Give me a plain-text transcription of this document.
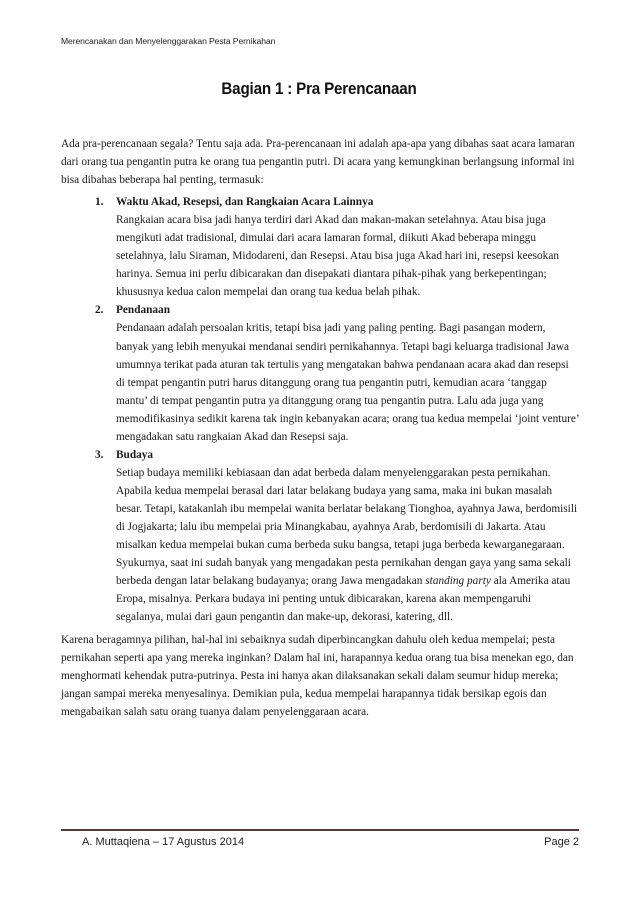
Merencanakan dan Menyelenggarakan Pesta Pernikahan
Bagian 1 : Pra Perencanaan

Ada pra-perencanaan segala? Tentu saja ada. Pra-perencanaan ini adalah apa-apa yang dibahas saat acara lamaran dari orang tua pengantin putra ke orang tua pengantin putri. Di acara yang kemungkinan berlangsung informal ini bisa dibahas beberapa hal penting, termasuk:

1. Waktu Akad, Resepsi, dan Rangkaian Acara Lainnya
Rangkaian acara bisa jadi hanya terdiri dari Akad dan makan-makan setelahnya. Atau bisa juga mengikuti adat tradisional, dimulai dari acara lamaran formal, diikuti Akad beberapa minggu setelahnya, lalu Siraman, Midodareni, dan Resepsi. Atau bisa juga Akad hari ini, resepsi keesokan harinya. Semua ini perlu dibicarakan dan disepakati diantara pihak-pihak yang berkepentingan; khususnya kedua calon mempelai dan orang tua kedua belah pihak.
2. Pendanaan
Pendanaan adalah persoalan kritis, tetapi bisa jadi yang paling penting. Bagi pasangan modern, banyak yang lebih menyukai mendanai sendiri pernikahannya. Tetapi bagi keluarga tradisional Jawa umumnya terikat pada aturan tak tertulis yang mengatakan bahwa pendanaan acara akad dan resepsi di tempat pengantin putri harus ditanggung orang tua pengantin putri, kemudian acara ‘tanggap mantu’ di tempat pengantin putra ya ditanggung orang tua pengantin putra. Lalu ada juga yang memodifikasinya sedikit karena tak ingin kebanyakan acara; orang tua kedua mempelai ‘joint venture’ mengadakan satu rangkaian Akad dan Resepsi saja.
3. Budaya
Setiap budaya memiliki kebiasaan dan adat berbeda dalam menyelenggarakan pesta pernikahan. Apabila kedua mempelai berasal dari latar belakang budaya yang sama, maka ini bukan masalah besar. Tetapi, katakanlah ibu mempelai wanita berlatar belakang Tionghoa, ayahnya Jawa, berdomisili di Jogjakarta; lalu ibu mempelai pria Minangkabau, ayahnya Arab, berdomisili di Jakarta. Atau misalkan kedua mempelai bukan cuma berbeda suku bangsa, tetapi juga berbeda kewarganegaraan. Syukurnya, saat ini sudah banyak yang mengadakan pesta pernikahan dengan gaya yang sama sekali berbeda dengan latar belakang budayanya; orang Jawa mengadakan standing party ala Amerika atau Eropa, misalnya. Perkara budaya ini penting untuk dibicarakan, karena akan mempengaruhi segalanya, mulai dari gaun pengantin dan make-up, dekorasi, katering, dll.

Karena beragamnya pilihan, hal-hal ini sebaiknya sudah diperbincangkan dahulu oleh kedua mempelai; pesta pernikahan seperti apa yang mereka inginkan? Dalam hal ini, harapannya kedua orang tua bisa menekan ego, dan menghormati kehendak putra-putrinya. Pesta ini hanya akan dilaksanakan sekali dalam seumur hidup mereka; jangan sampai mereka menyesalinya. Demikian pula, kedua mempelai harapannya tidak bersikap egois dan mengabaikan salah satu orang tuanya dalam penyelenggaraan acara.

A. Muttaqiena – 17 Agustus 2014	Page 2
